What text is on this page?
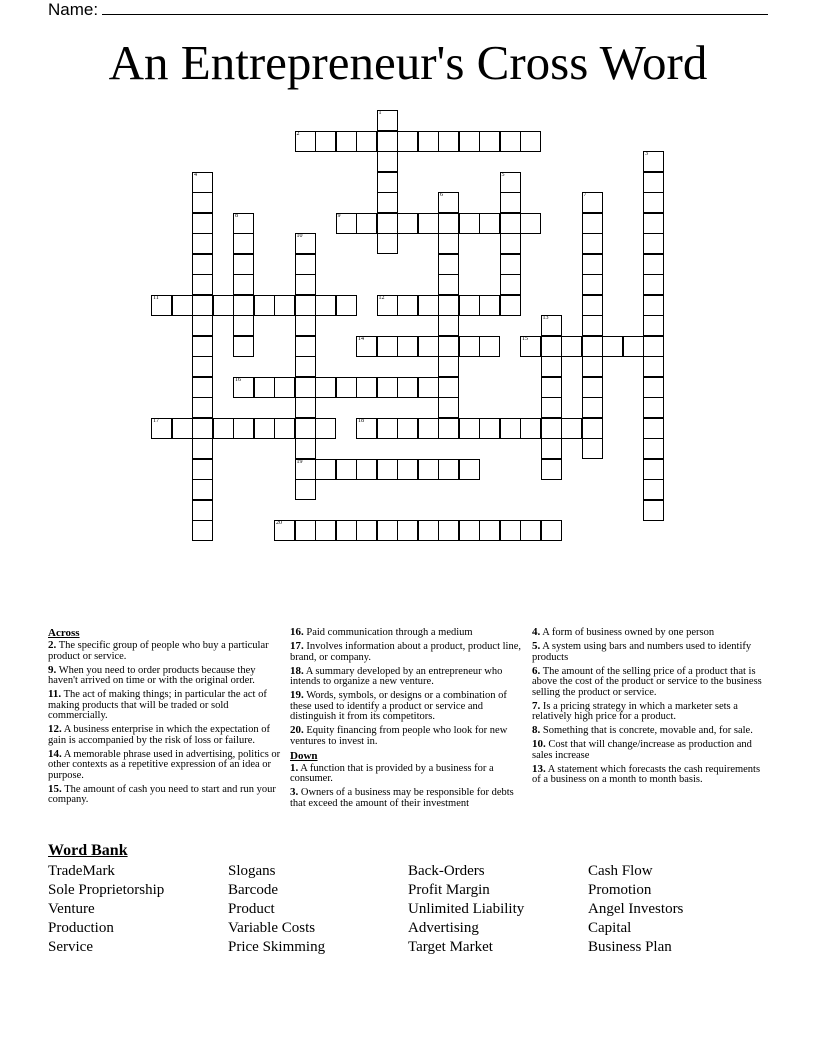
Name:
An Entrepreneur's Cross Word
1
2
3
4	5
6	7
8	9
10
19
11	12
13
14	15
16
17	18
20
Across
2. The specific group of people who buy a particular product or service.
9. When you need to order products because they haven't arrived on time or with the original order.
11. The act of making things; in particular the act of making products that will be traded or sold commercially.
12. A business enterprise in which the expectation of gain is accompanied by the risk of loss or failure.
14. A memorable phrase used in advertising, politics or other contexts as a repetitive expression of an idea or purpose.
15. The amount of cash you need to start and run your company.
16. Paid communication through a medium
17. Involves information about a product, product line, brand, or company.
18. A summary developed by an entrepreneur who intends to organize a new venture.
19. Words, symbols, or designs or a combination of these used to identify a product or service and distinguish it from its competitors.
20. Equity financing from people who look for new ventures to invest in.
Down
1. A function that is provided by a business for a consumer.
3. Owners of a business may be responsible for debts that exceed the amount of their investment
4. A form of business owned by one person
5. A system using bars and numbers used to identify products
6. The amount of the selling price of a product that is above the cost of the product or service to the business selling the product or service.
7. Is a pricing strategy in which a marketer sets a relatively high price for a product.
8. Something that is concrete, movable and, for sale.
10. Cost that will change/increase as production and sales increase
13. A statement which forecasts the cash requirements of a business on a month to month basis.
Word Bank
TradeMark
Sole Proprietorship
Venture
Production
Service
Slogans
Barcode
Product
Variable Costs
Price Skimming
Back-Orders
Profit Margin
Unlimited Liability
Advertising
Target Market
Cash Flow
Promotion
Angel Investors
Capital
Business Plan
